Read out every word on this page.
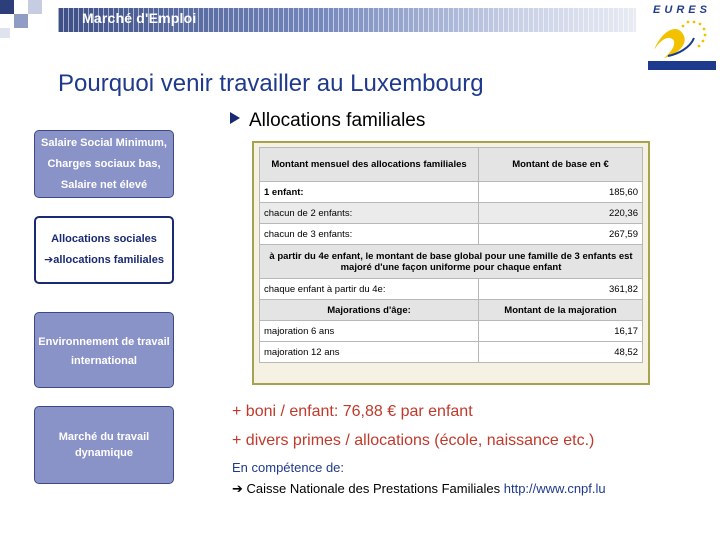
Marché d'Emploi	EURES
Pourquoi venir travailler au Luxembourg
Salaire Social Minimum,
Charges sociaux bas,
Salaire net élevé
Allocations sociales
➔allocations familiales
Environnement de travail
international
Marché du travail
dynamique
Allocations familiales
Montant mensuel des allocations familiales	Montant de base en €
1 enfant:	185,60
chacun de 2 enfants:	220,36
chacun de 3 enfants:	267,59
à partir du 4e enfant, le montant de base global pour une famille de 3 enfants est majoré d'une façon uniforme pour chaque enfant	
chaque enfant à partir du 4e:	361,82
Majorations d'âge:	Montant de la majoration
majoration 6 ans	16,17
majoration 12 ans	48,52
+ boni / enfant: 76,88 € par enfant
+ divers primes / allocations (école, naissance etc.)
En compétence de:
➔ Caisse Nationale des Prestations Familiales http://www.cnpf.lu
